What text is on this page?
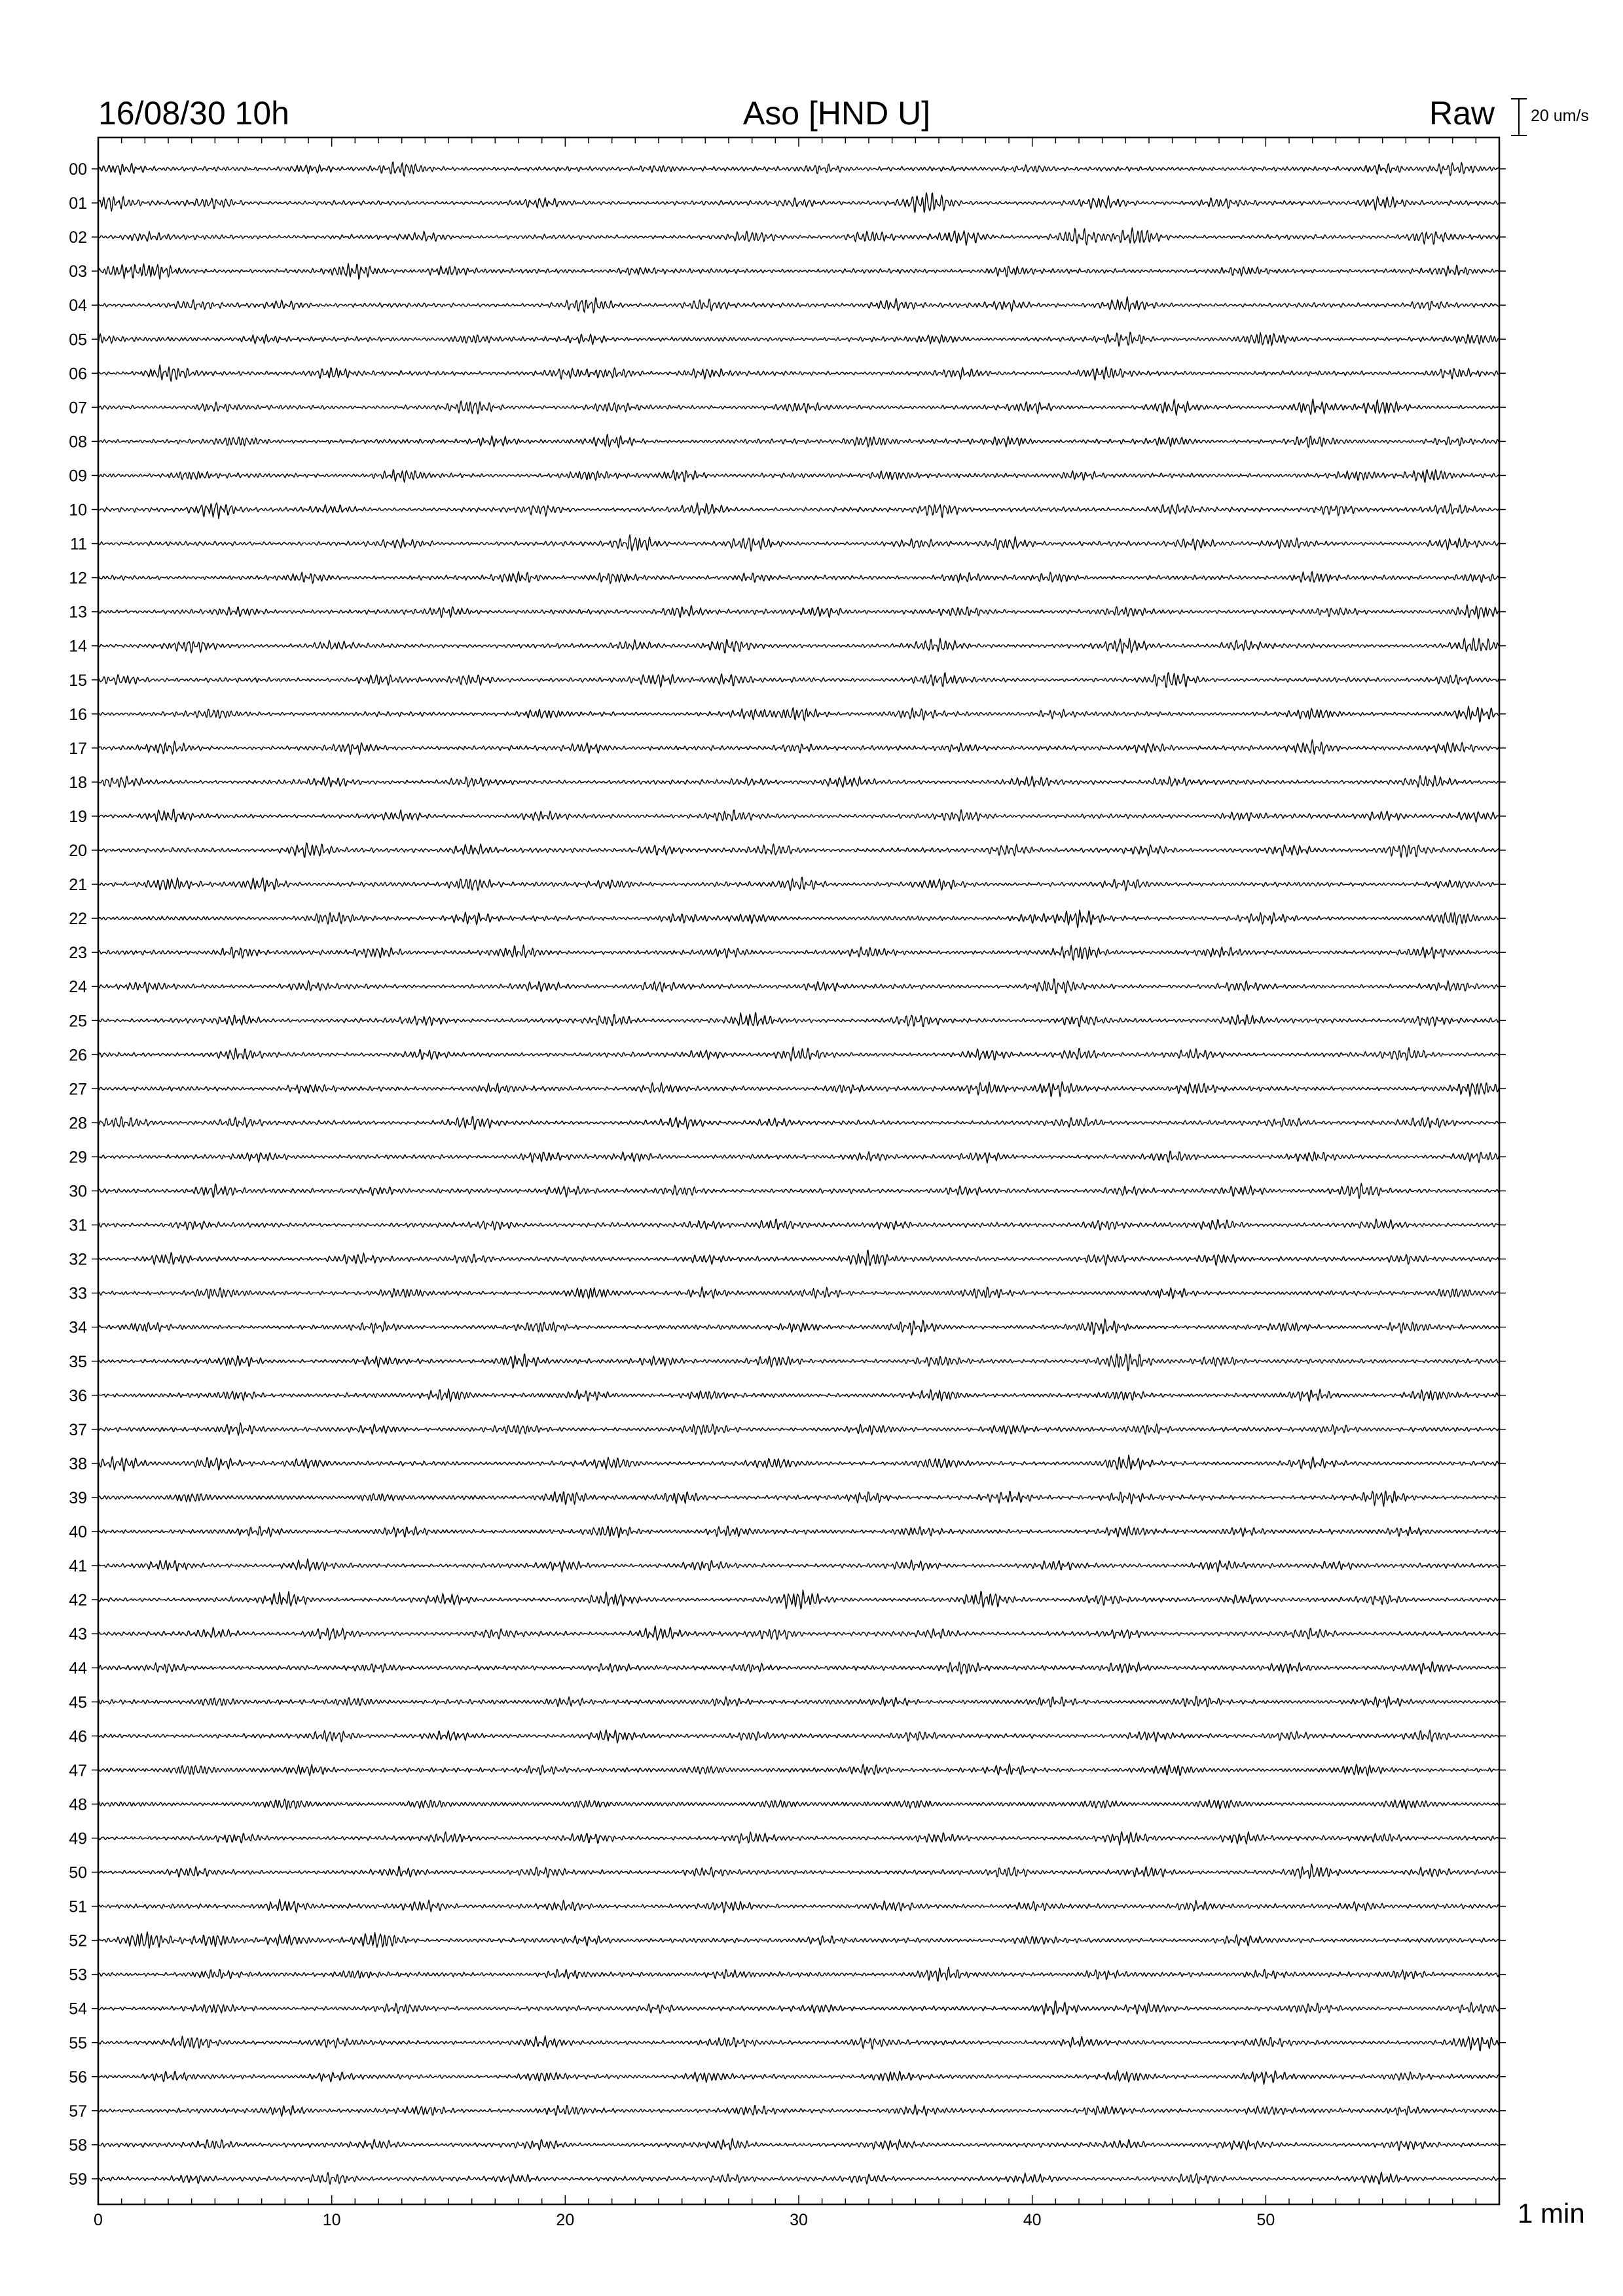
00
01
02
03
04
05
06
07
08
09
10
11
12
13
14
15
16
17
18
19
20
21
22
23
24
25
26
27
28
29
30
31
32
33
34
35
36
37
38
39
40
41
42
43
44
45
46
47
48
49
50
51
52
53
54
55
56
57
58
59
0	10	20	30	40	50
16/08/30 10h	Aso [HND U]	Raw 20 um/s
1 min
